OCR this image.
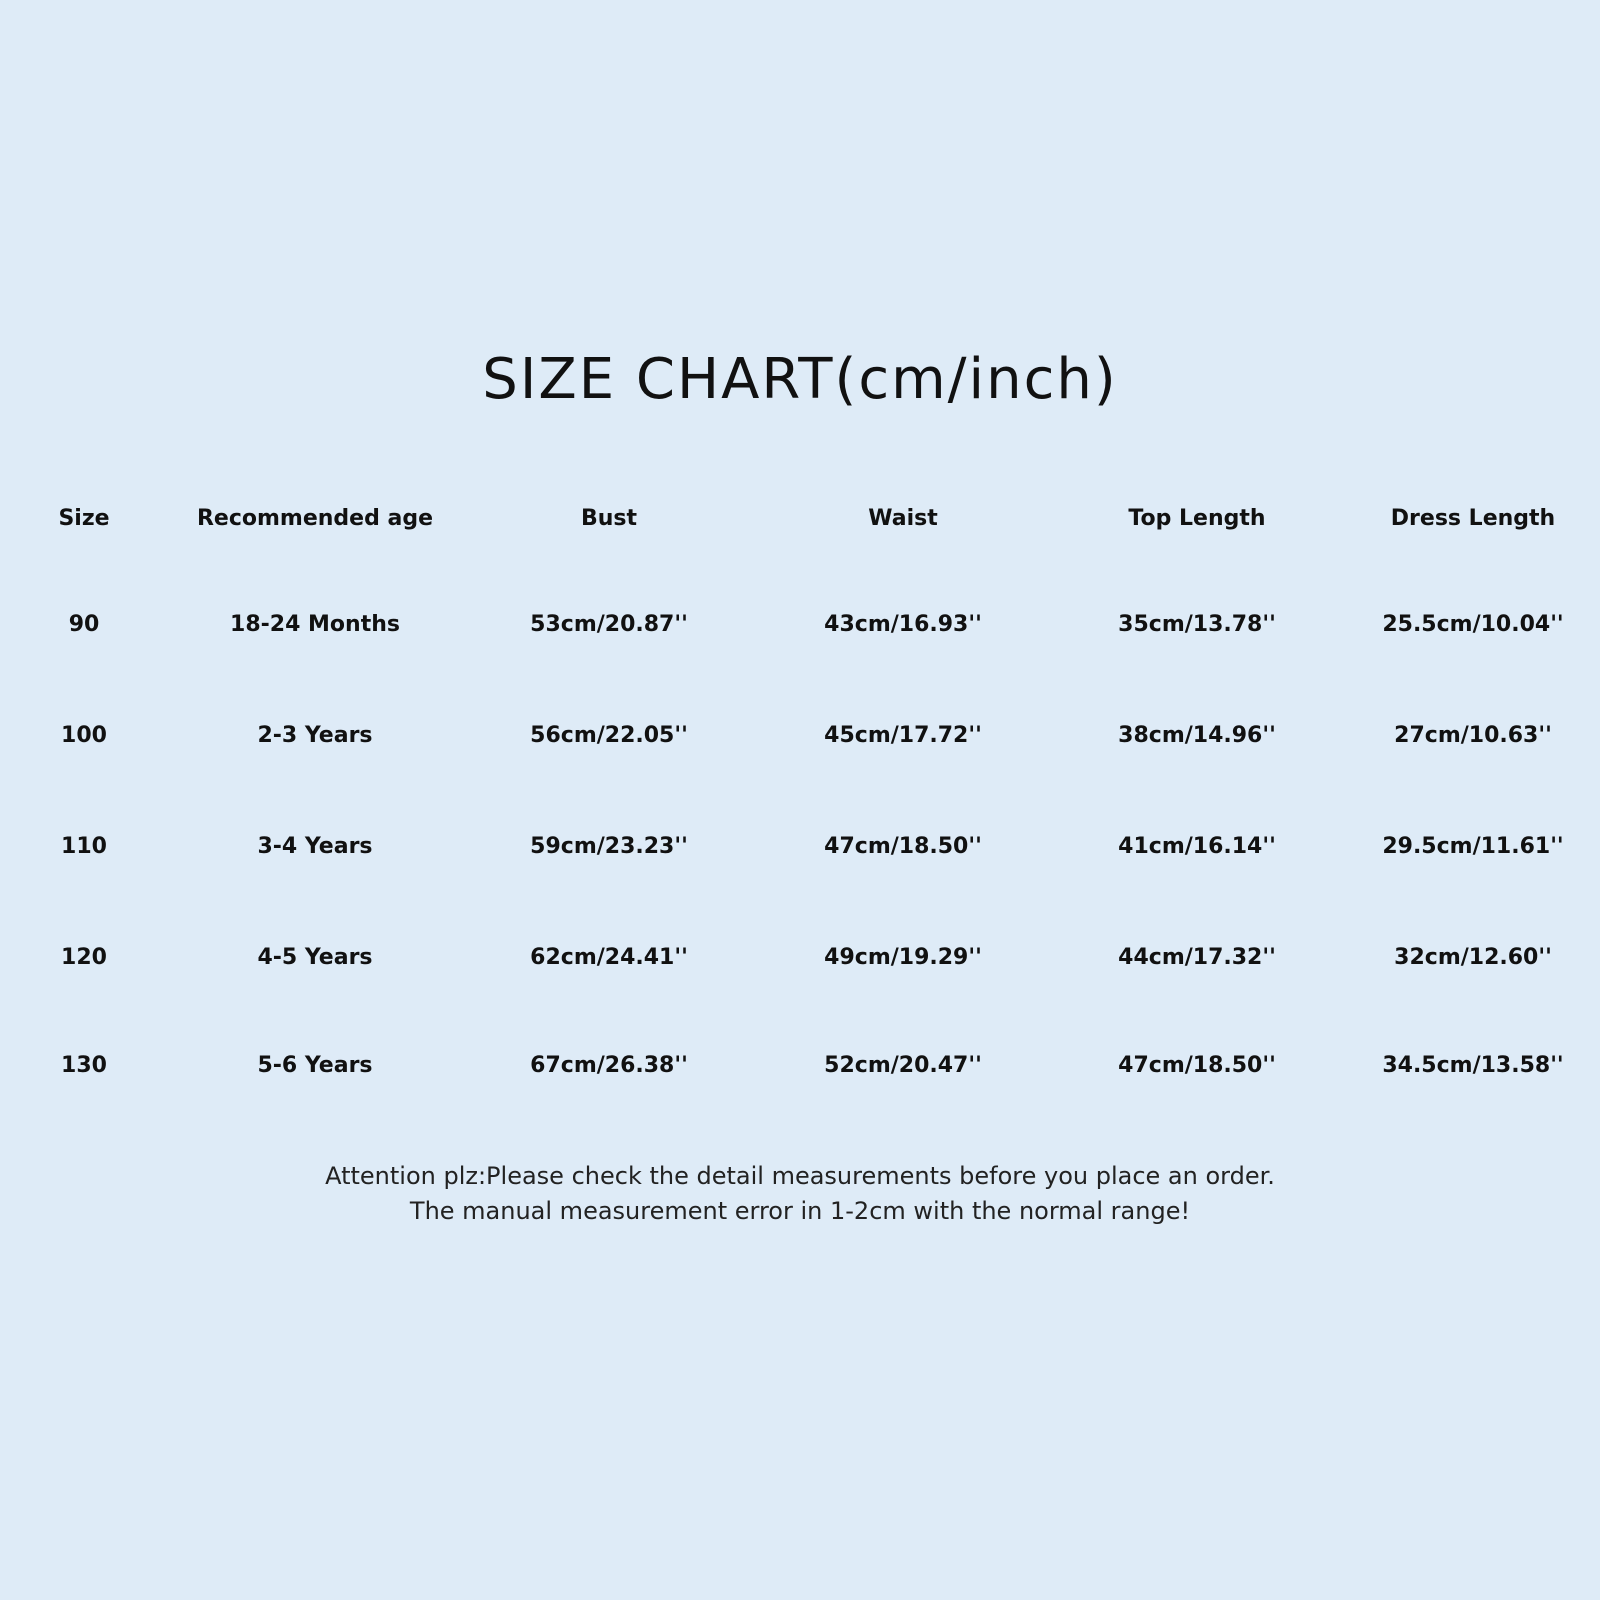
SIZE CHART(cm/inch)
Size	Recommended age	Bust	Waist	Top Length	Dress Length
90	18-24 Months	53cm/20.87''	43cm/16.93''	35cm/13.78''	25.5cm/10.04''
100	2-3 Years	56cm/22.05''	45cm/17.72''	38cm/14.96''	27cm/10.63''
110	3-4 Years	59cm/23.23''	47cm/18.50''	41cm/16.14''	29.5cm/11.61''
120	4-5 Years	62cm/24.41''	49cm/19.29''	44cm/17.32''	32cm/12.60''
130	5-6 Years	67cm/26.38''	52cm/20.47''	47cm/18.50''	34.5cm/13.58''
Attention plz:Please check the detail measurements before you place an order.
The manual measurement error in 1-2cm with the normal range!
